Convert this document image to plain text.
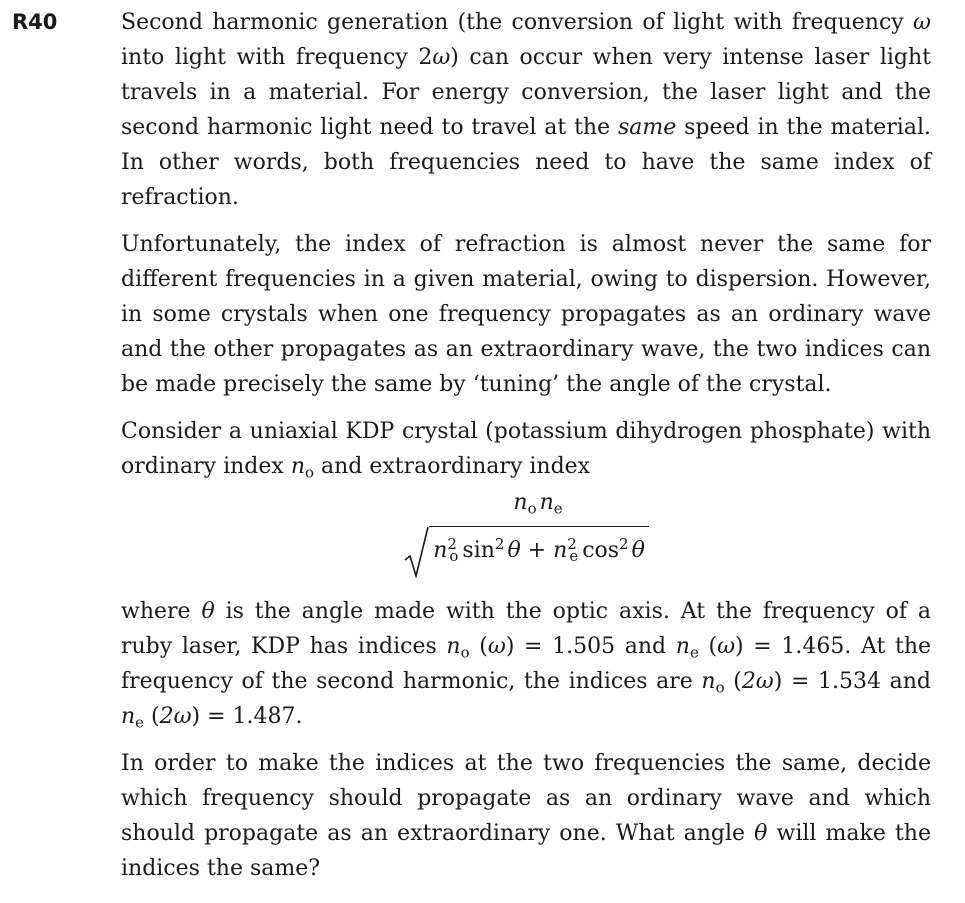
R40	Second harmonic generation (the conversion of light with frequency ω into light with frequency 2ω) can occur when very intense laser light travels in a material. For energy conversion, the laser light and the second harmonic light need to travel at the same speed in the material. In other words, both frequencies need to have the same index of refraction.

Unfortunately, the index of refraction is almost never the same for different frequencies in a given material, owing to dispersion. However, in some crystals when one frequency propagates as an ordinary wave and the other propagates as an extraordinary wave, the two indices can be made precisely the same by ‘tuning’ the angle of the crystal.

Consider a uniaxial KDP crystal (potassium dihydrogen phosphate) with ordinary index $n_o$ and extraordinary index

$n_o$ $n_e$
$n^2_o$ $\sin^2 \theta + n^2_e$ $\cos^2 \theta$

where θ is the angle made with the optic axis. At the frequency of a ruby laser, KDP has indices $n_o$ (ω) = 1.505 and $n_e$ (ω) = 1.465. At the frequency of the second harmonic, the indices are $n_o$ (2ω) = 1.534 and $n_e$ (2ω) = 1.487.

In order to make the indices at the two frequencies the same, decide which frequency should propagate as an ordinary wave and which should propagate as an extraordinary one. What angle θ will make the indices the same?
